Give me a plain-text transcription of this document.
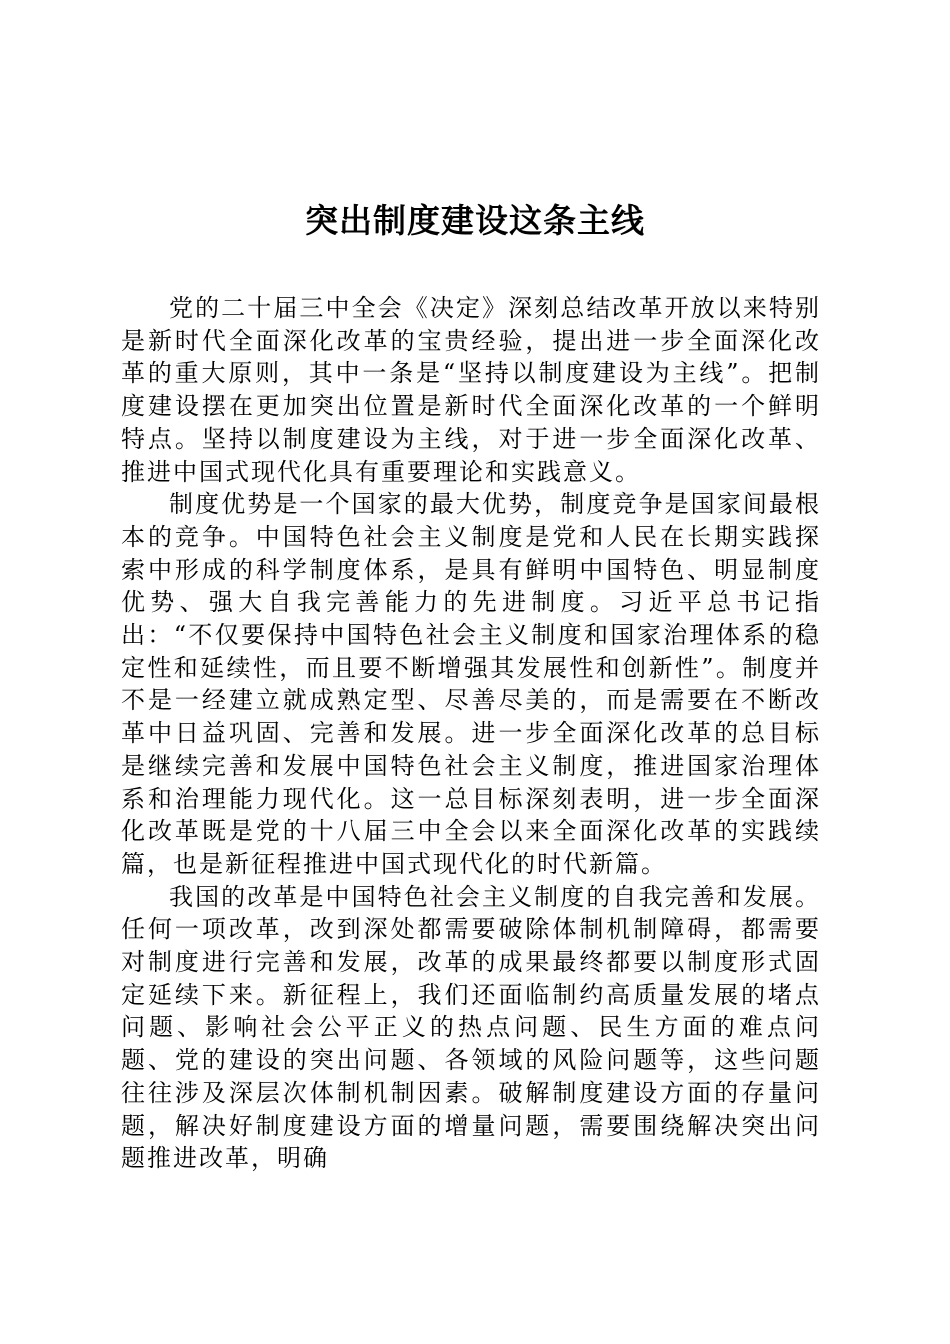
突出制度建设这条主线

党的二十届三中全会《决定》深刻总结改革开放以来特别是新时代全面深化改革的宝贵经验，提出进一步全面深化改革的重大原则，其中一条是“坚持以制度建设为主线”。把制度建设摆在更加突出位置是新时代全面深化改革的一个鲜明特点。坚持以制度建设为主线，对于进一步全面深化改革、推进中国式现代化具有重要理论和实践意义。

制度优势是一个国家的最大优势，制度竞争是国家间最根本的竞争。中国特色社会主义制度是党和人民在长期实践探索中形成的科学制度体系，是具有鲜明中国特色、明显制度优势、强大自我完善能力的先进制度。习近平总书记指出：“不仅要保持中国特色社会主义制度和国家治理体系的稳定性和延续性，而且要不断增强其发展性和创新性”。制度并不是一经建立就成熟定型、尽善尽美的，而是需要在不断改革中日益巩固、完善和发展。进一步全面深化改革的总目标是继续完善和发展中国特色社会主义制度，推进国家治理体系和治理能力现代化。这一总目标深刻表明，进一步全面深化改革既是党的十八届三中全会以来全面深化改革的实践续篇，也是新征程推进中国式现代化的时代新篇。

我国的改革是中国特色社会主义制度的自我完善和发展。任何一项改革，改到深处都需要破除体制机制障碍，都需要对制度进行完善和发展，改革的成果最终都要以制度形式固定延续下来。新征程上，我们还面临制约高质量发展的堵点问题、影响社会公平正义的热点问题、民生方面的难点问题、党的建设的突出问题、各领域的风险问题等，这些问题往往涉及深层次体制机制因素。破解制度建设方面的存量问题，解决好制度建设方面的增量问题，需要围绕解决突出问题推进改革，明确
